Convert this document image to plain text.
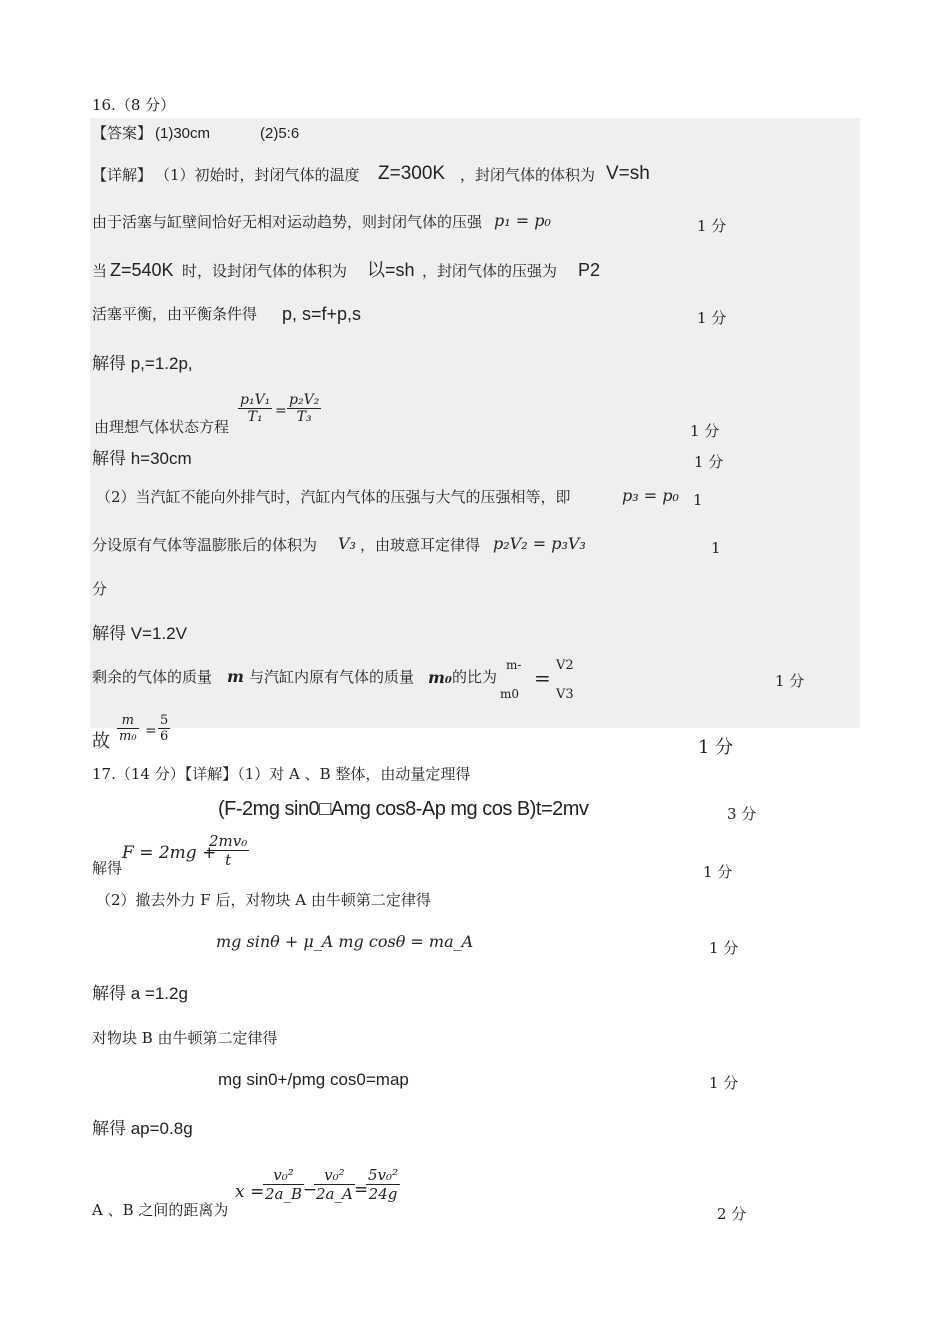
16.（8 分）
【答案】 (1)30cm	(2)5:6
【详解】 （1）初始时，封闭气体的温度 Z=300K ，封闭气体的体积为 V=sh
由于活塞与缸壁间恰好无相对运动趋势，则封闭气体的压强 p₁ = p₀	1 分
当 Z=540K 时，设封闭气体的体积为 以=sh ，封闭气体的压强为 P2
活塞平衡，由平衡条件得 p, s=f+p,s	1 分
解得 p,=1.2p,
由理想气体状态方程
$\frac{\text{p₁V₁}}{\text{T₁}} = \frac{\text{p₂V₂}}{\text{T₃}}$
1 分
解得 h=30cm	1 分
（2）当汽缸不能向外排气时，汽缸内气体的压强与大气的压强相等，即	p₃ = p₀ 1
分设原有气体等温膨胀后的体积为 V₃ ，由玻意耳定律得 p₂V₂ = p₃V₃	1
分
解得 V=1.2V
剩余的气体的质量 m 与汽缸内原有气体的质量 m₀ 的比为
m-
m0
=
V2
V3
1 分
故 $\frac{m}{\text{m₀}} = \frac{5}{6}$
1 分
17.（14 分）【详解】（1）对 A 、B 整体，由动量定理得
(F-2mg sin0□Amg cos8-Ap mg cos B)t=2mv	3 分
解得
F = 2mg +
$\frac{\text{2mv₀}}{t}$
1 分
（2）撤去外力 F 后，对物块 A 由牛顿第二定律得
mg sinθ + μ_A mg cosθ = ma_A	1 分
解得 a =1.2g
对物块 B 由牛顿第二定律得
mg sin0+/pmg cos0=map	1 分
解得 ap=0.8g
A 、B 之间的距离为
x =
$\frac{\text{v₀²}}{2a\_B}$
−
$\frac{\text{v₀²}}{2a\_A}$ =
$\frac{\text{5v₀²}}{24g}$
2 分
